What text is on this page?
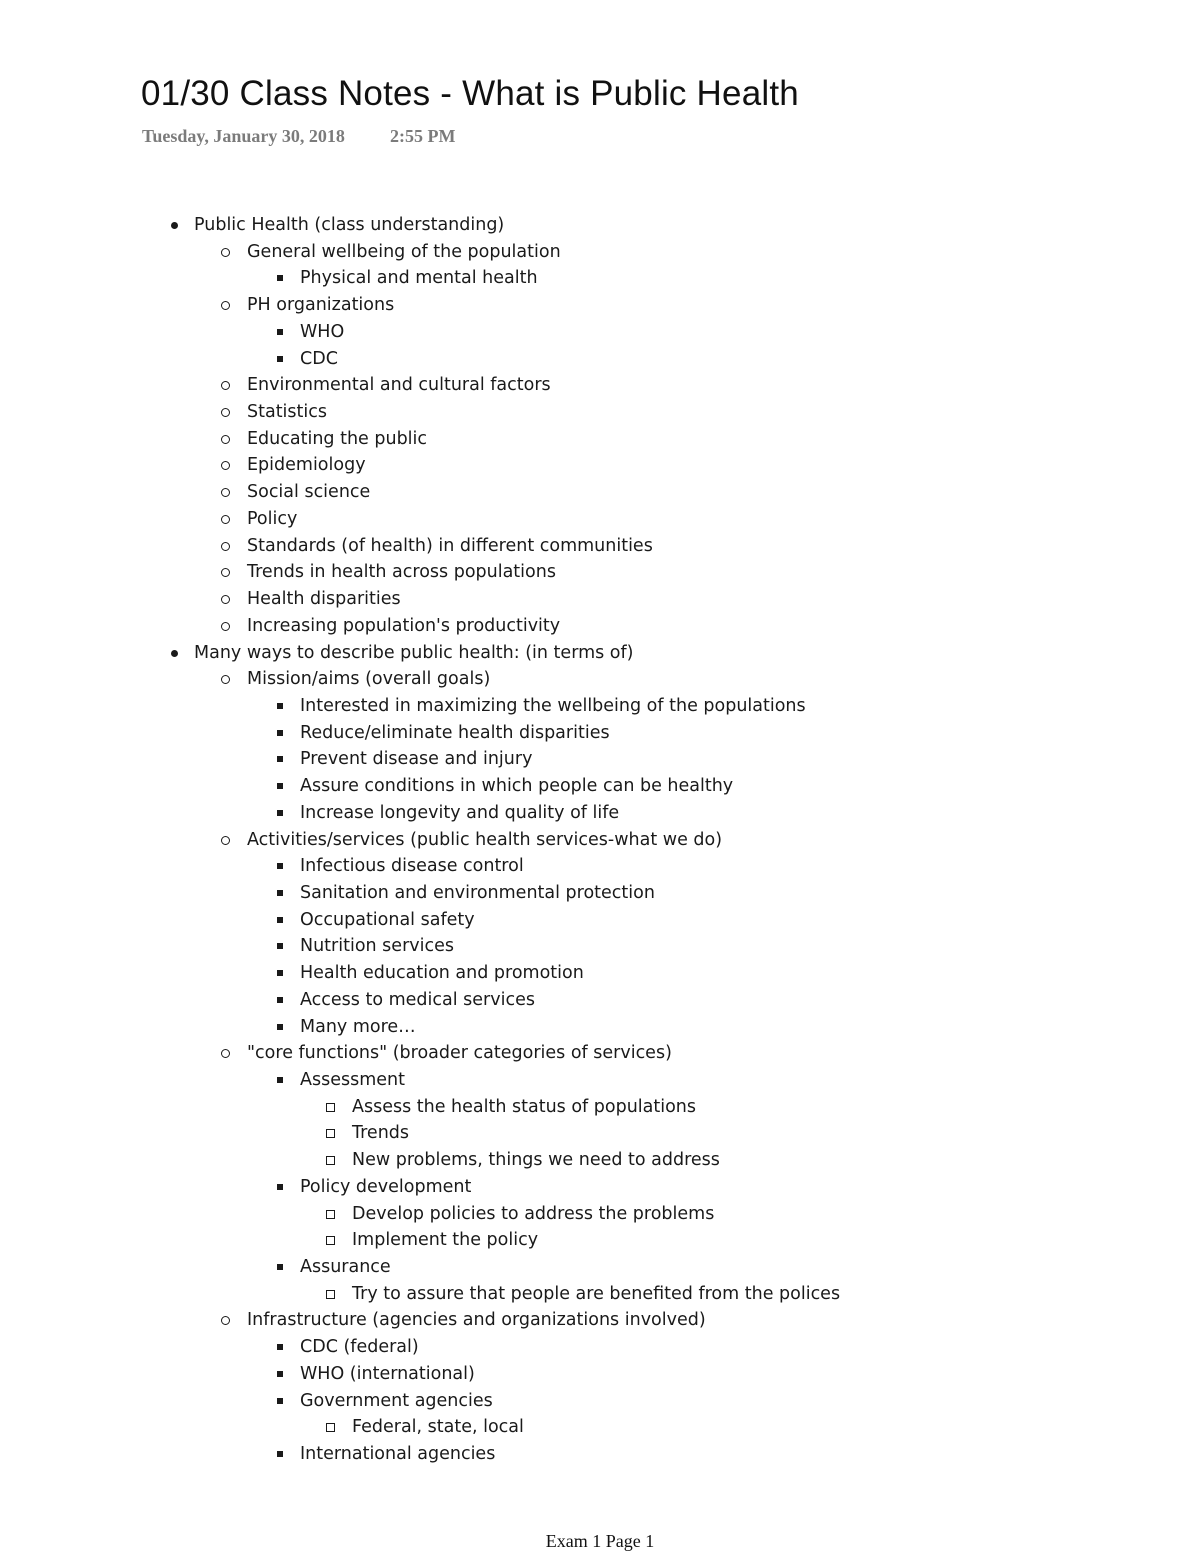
01/30 Class Notes - What is Public Health
Tuesday, January 30, 2018	2:55 PM
Public Health (class understanding)
General wellbeing of the population
Physical and mental health
PH organizations
WHO
CDC
Environmental and cultural factors
Statistics
Educating the public
Epidemiology
Social science
Policy
Standards (of health) in different communities
Trends in health across populations
Health disparities
Increasing population's productivity
Many ways to describe public health: (in terms of)
Mission/aims (overall goals)
Interested in maximizing the wellbeing of the populations
Reduce/eliminate health disparities
Prevent disease and injury
Assure conditions in which people can be healthy
Increase longevity and quality of life
Activities/services (public health services-what we do)
Infectious disease control
Sanitation and environmental protection
Occupational safety
Nutrition services
Health education and promotion
Access to medical services
Many more…
"core functions" (broader categories of services)
Assessment
Assess the health status of populations
Trends
New problems, things we need to address
Policy development
Develop policies to address the problems
Implement the policy
Assurance
Try to assure that people are benefited from the polices
Infrastructure (agencies and organizations involved)
CDC (federal)
WHO (international)
Government agencies
Federal, state, local
International agencies
Exam 1 Page 1
